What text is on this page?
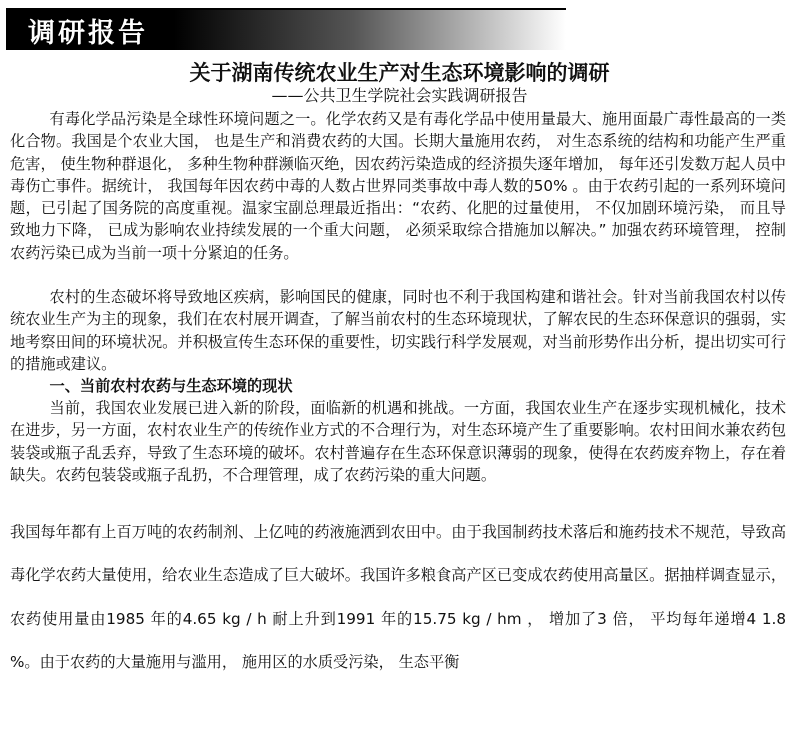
调研报告
关于湖南传统农业生产对生态环境影响的调研
——公共卫生学院社会实践调研报告

有毒化学品污染是全球性环境问题之一。化学农药又是有毒化学品中使用量最大、施用面最广毒性最高的一类化合物。我国是个农业大国， 也是生产和消费农药的大国。长期大量施用农药， 对生态系统的结构和功能产生严重危害， 使生物种群退化， 多种生物种群濒临灭绝，因农药污染造成的经济损失逐年增加， 每年还引发数万起人员中毒伤亡事件。据统计， 我国每年因农药中毒的人数占世界同类事故中毒人数的50% 。由于农药引起的一系列环境问题，已引起了国务院的高度重视。温家宝副总理最近指出：“农药、化肥的过量使用， 不仅加剧环境污染， 而且导致地力下降， 已成为影响农业持续发展的一个重大问题， 必须采取综合措施加以解决。” 加强农药环境管理， 控制农药污染已成为当前一项十分紧迫的任务。

农村的生态破坏将导致地区疾病，影响国民的健康，同时也不利于我国构建和谐社会。针对当前我国农村以传统农业生产为主的现象，我们在农村展开调查，了解当前农村的生态环境现状，了解农民的生态环保意识的强弱，实地考察田间的环境状况。并积极宣传生态环保的重要性，切实践行科学发展观，对当前形势作出分析，提出切实可行的措施或建议。

一、当前农村农药与生态环境的现状

当前，我国农业发展已进入新的阶段，面临新的机遇和挑战。一方面，我国农业生产在逐步实现机械化，技术在进步，另一方面，农村农业生产的传统作业方式的不合理行为，对生态环境产生了重要影响。农村田间水兼农药包装袋或瓶子乱丢弃，导致了生态环境的破坏。农村普遍存在生态环保意识薄弱的现象，使得在农药废弃物上，存在着缺失。农药包装袋或瓶子乱扔，不合理管理，成了农药污染的重大问题。

我国每年都有上百万吨的农药制剂、上亿吨的药液施洒到农田中。由于我国制药技术落后和施药技术不规范，导致高毒化学农药大量使用，给农业生态造成了巨大破坏。我国许多粮食高产区已变成农药使用高量区。据抽样调查显示，农药使用量由1985 年的4.65 kg / h 耐上升到1991 年的15.75 kg / hm ， 增加了3 倍， 平均每年递增4 1.8 %。由于农药的大量施用与滥用， 施用区的水质受污染， 生态平衡
